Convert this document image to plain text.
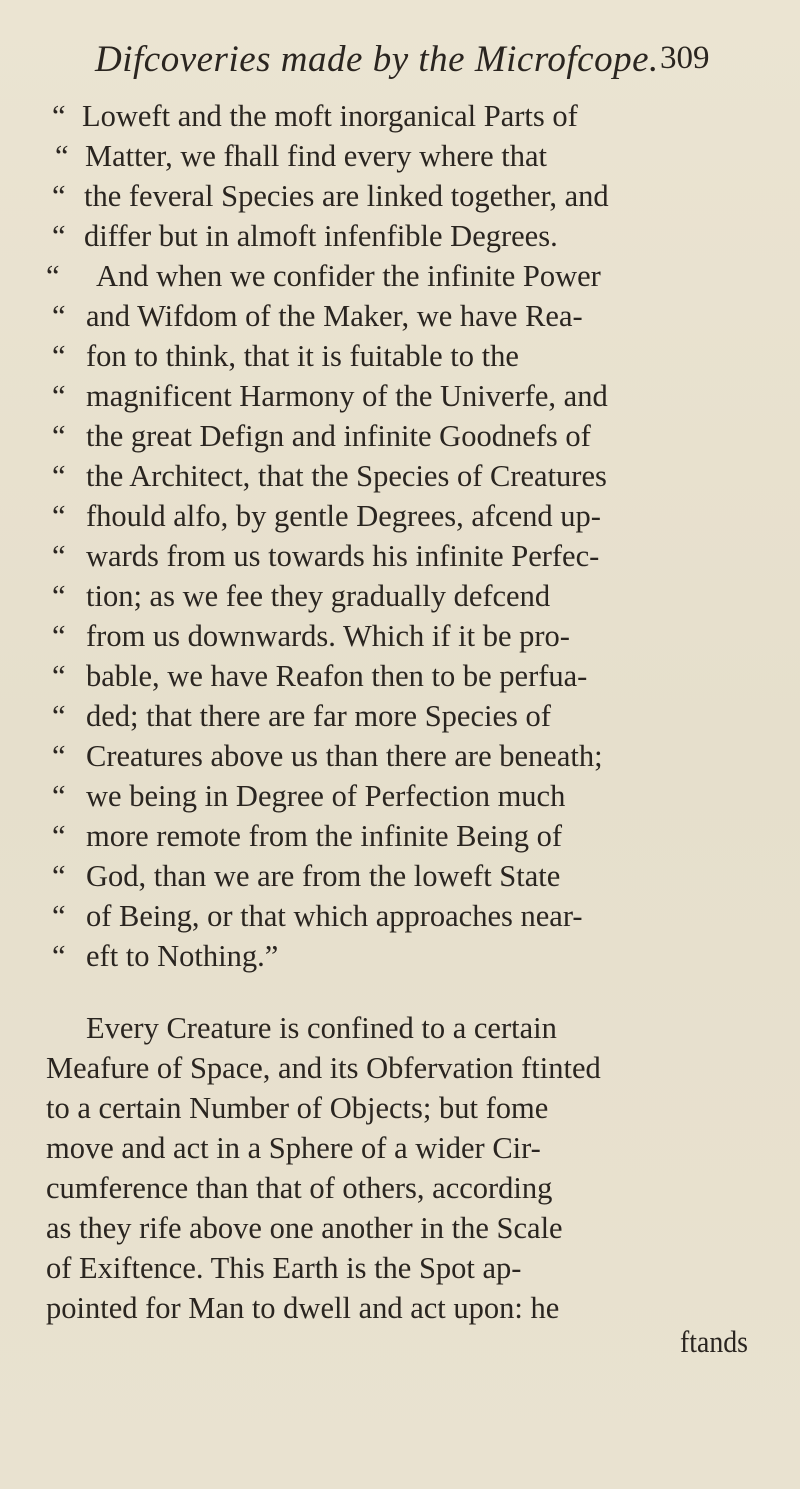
Difcoveries made by the Microfcope. 309
“ Loweft and the moft inorganical Parts of
“ Matter, we fhall find every where that
“ the feveral Species are linked together, and
“ differ but in almoft infenfible Degrees.
“	And when we confider the infinite Power
“ and Wifdom of the Maker, we have Rea-
“ fon to think, that it is fuitable to the
“ magnificent Harmony of the Univerfe, and
“ the great Defign and infinite Goodnefs of
“ the Architect, that the Species of Creatures
“ fhould alfo, by gentle Degrees, afcend up-
“ wards from us towards his infinite Perfec-
“ tion; as we fee they gradually defcend
“ from us downwards. Which if it be pro-
“ bable, we have Reafon then to be perfua-
“ ded; that there are far more Species of
“ Creatures above us than there are beneath;
“ we being in Degree of Perfection much
“ more remote from the infinite Being of
“ God, than we are from the loweft State
“ of Being, or that which approaches near-
“ eft to Nothing.”
Every Creature is confined to a certain
Meafure of Space, and its Obfervation ftinted
to a certain Number of Objects; but fome
move and act in a Sphere of a wider Cir-
cumference than that of others, according
as they rife above one another in the Scale
of Exiftence. This Earth is the Spot ap-
pointed for Man to dwell and act upon: he
ftands
